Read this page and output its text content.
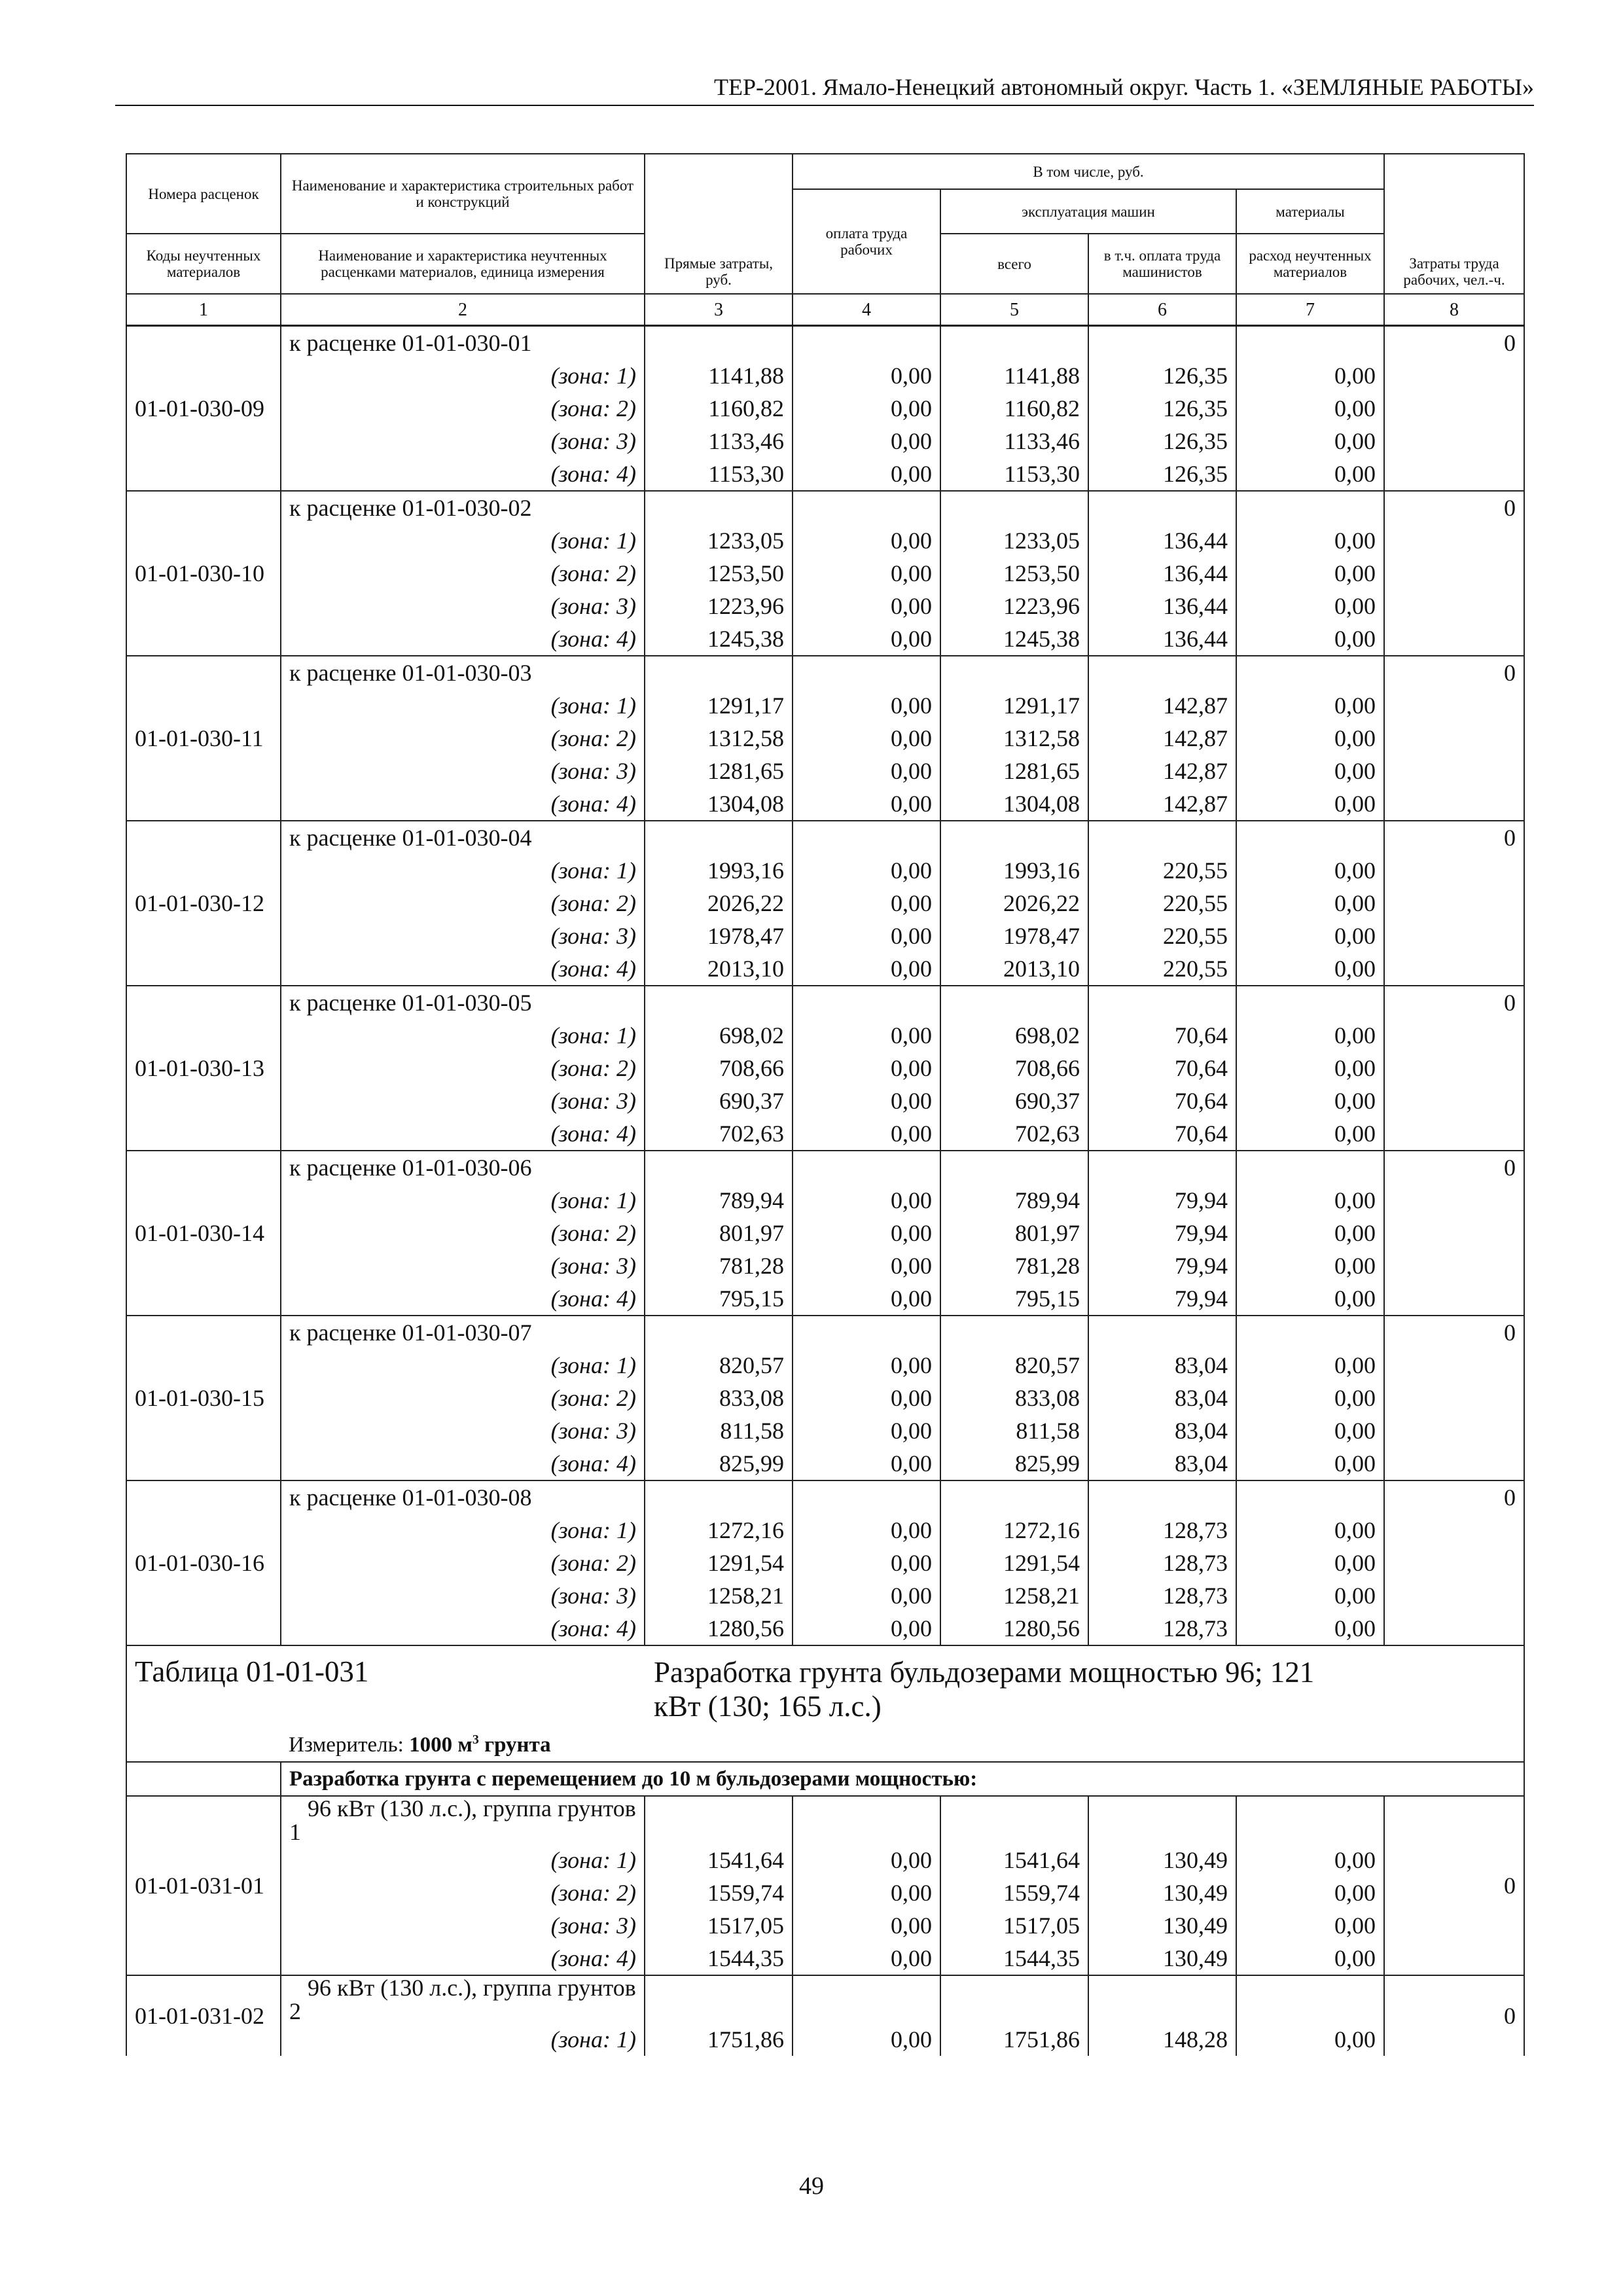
ТЕР-2001. Ямало-Ненецкий автономный округ. Часть 1. «ЗЕМЛЯНЫЕ РАБОТЫ»
Номера расценок	Наименование и характеристика строительных работ и конструкций	Прямые затраты, руб.	В том числе, руб.				Затраты труда рабочих, чел.-ч.
			оплата труда рабочих	эксплуатация машин		материалы	
Коды неучтенных материалов	Наименование и характеристика неучтенных расценками материалов, единица измерения			всего	в т.ч. оплата труда машинистов	расход неучтенных материалов	
1	2	3	4	5	6	7	8
01-01-030-09	к расценке 01-01-030-01						0
	(зона: 1)	1141,88	0,00	1141,88	126,35	0,00	
	(зона: 2)	1160,82	0,00	1160,82	126,35	0,00	
	(зона: 3)	1133,46	0,00	1133,46	126,35	0,00	
	(зона: 4)	1153,30	0,00	1153,30	126,35	0,00	
01-01-030-10	к расценке 01-01-030-02						0
	(зона: 1)	1233,05	0,00	1233,05	136,44	0,00	
	(зона: 2)	1253,50	0,00	1253,50	136,44	0,00	
	(зона: 3)	1223,96	0,00	1223,96	136,44	0,00	
	(зона: 4)	1245,38	0,00	1245,38	136,44	0,00	
01-01-030-11	к расценке 01-01-030-03						0
	(зона: 1)	1291,17	0,00	1291,17	142,87	0,00	
	(зона: 2)	1312,58	0,00	1312,58	142,87	0,00	
	(зона: 3)	1281,65	0,00	1281,65	142,87	0,00	
	(зона: 4)	1304,08	0,00	1304,08	142,87	0,00	
01-01-030-12	к расценке 01-01-030-04						0
	(зона: 1)	1993,16	0,00	1993,16	220,55	0,00	
	(зона: 2)	2026,22	0,00	2026,22	220,55	0,00	
	(зона: 3)	1978,47	0,00	1978,47	220,55	0,00	
	(зона: 4)	2013,10	0,00	2013,10	220,55	0,00	
01-01-030-13	к расценке 01-01-030-05						0
	(зона: 1)	698,02	0,00	698,02	70,64	0,00	
	(зона: 2)	708,66	0,00	708,66	70,64	0,00	
	(зона: 3)	690,37	0,00	690,37	70,64	0,00	
	(зона: 4)	702,63	0,00	702,63	70,64	0,00	
01-01-030-14	к расценке 01-01-030-06						0
	(зона: 1)	789,94	0,00	789,94	79,94	0,00	
	(зона: 2)	801,97	0,00	801,97	79,94	0,00	
	(зона: 3)	781,28	0,00	781,28	79,94	0,00	
	(зона: 4)	795,15	0,00	795,15	79,94	0,00	
01-01-030-15	к расценке 01-01-030-07						0
	(зона: 1)	820,57	0,00	820,57	83,04	0,00	
	(зона: 2)	833,08	0,00	833,08	83,04	0,00	
	(зона: 3)	811,58	0,00	811,58	83,04	0,00	
	(зона: 4)	825,99	0,00	825,99	83,04	0,00	
01-01-030-16	к расценке 01-01-030-08						0
	(зона: 1)	1272,16	0,00	1272,16	128,73	0,00	
	(зона: 2)	1291,54	0,00	1291,54	128,73	0,00	
	(зона: 3)	1258,21	0,00	1258,21	128,73	0,00	
	(зона: 4)	1280,56	0,00	1280,56	128,73	0,00	
Таблица 01-01-031		Разработка грунта бульдозерами мощностью 96; 121 кВт (130; 165 л.с.)					
	Измеритель: 1000 $м^3$ грунта						
	Разработка грунта с перемещением до 10 м бульдозерами мощностью:						
01-01-031-01	96 кВт (130 л.с.), группа грунтов 1						0
	(зона: 1)	1541,64	0,00	1541,64	130,49	0,00	
	(зона: 2)	1559,74	0,00	1559,74	130,49	0,00	
	(зона: 3)	1517,05	0,00	1517,05	130,49	0,00	
	(зона: 4)	1544,35	0,00	1544,35	130,49	0,00	
01-01-031-02	96 кВт (130 л.с.), группа грунтов 2						0
	(зона: 1)	1751,86	0,00	1751,86	148,28	0,00	
49
